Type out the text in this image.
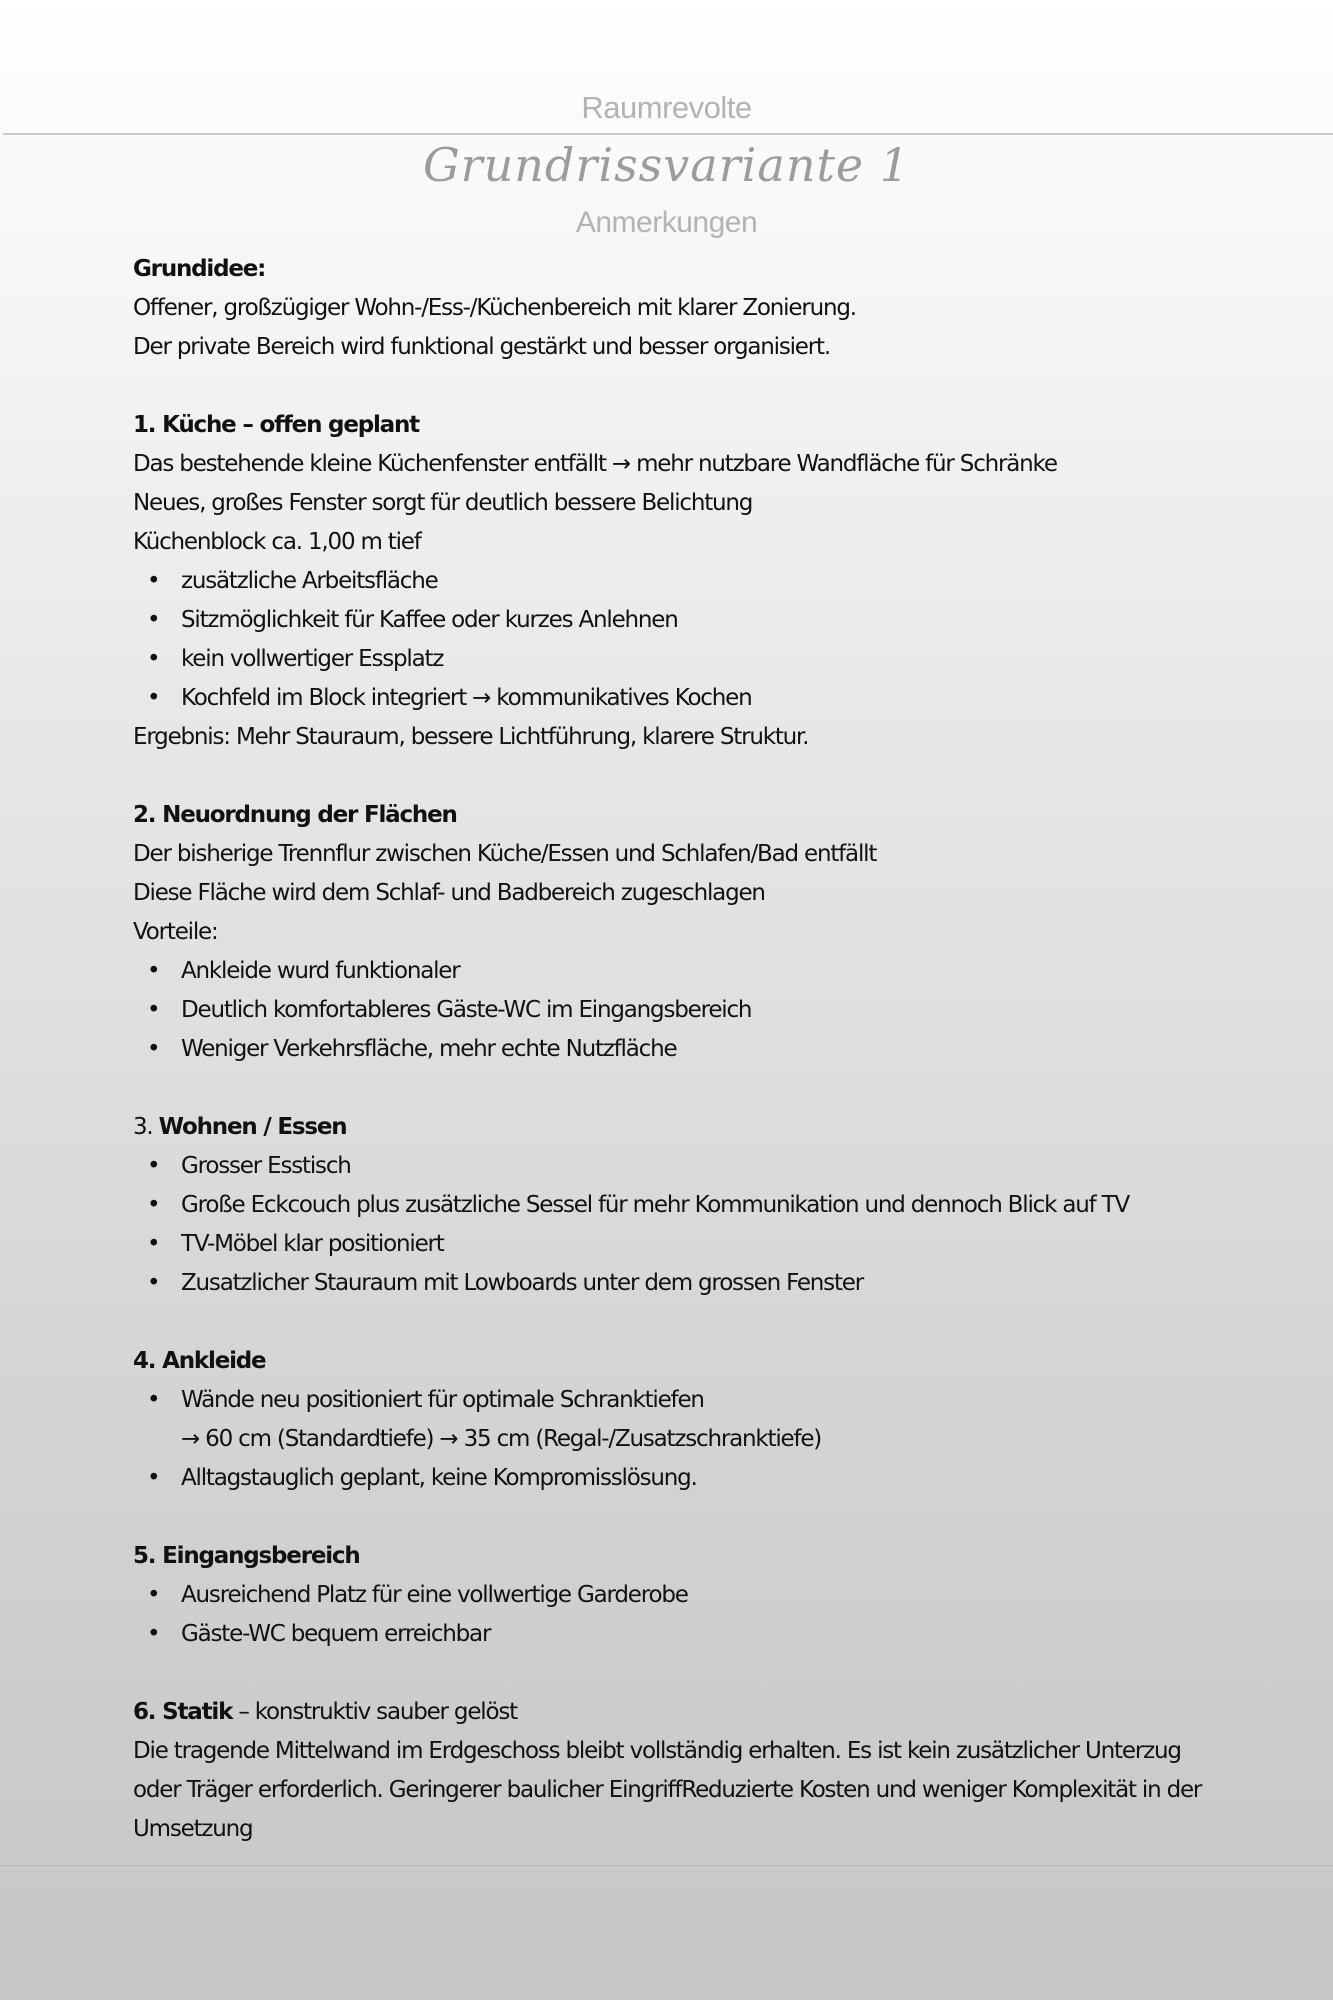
Raumrevolte
Grundrissvariante 1
Anmerkungen
Grundidee:
Offener, großzügiger Wohn-/Ess-/Küchenbereich mit klarer Zonierung.
Der private Bereich wird funktional gestärkt und besser organisiert.
1. Küche – offen geplant
Das bestehende kleine Küchenfenster entfällt → mehr nutzbare Wandfläche für Schränke
Neues, großes Fenster sorgt für deutlich bessere Belichtung
Küchenblock ca. 1,00 m tief
• zusätzliche Arbeitsfläche
• Sitzmöglichkeit für Kaffee oder kurzes Anlehnen
• kein vollwertiger Essplatz
• Kochfeld im Block integriert → kommunikatives Kochen
Ergebnis: Mehr Stauraum, bessere Lichtführung, klarere Struktur.
2. Neuordnung der Flächen
Der bisherige Trennflur zwischen Küche/Essen und Schlafen/Bad entfällt
Diese Fläche wird dem Schlaf- und Badbereich zugeschlagen
Vorteile:
• Ankleide wurd funktionaler
• Deutlich komfortableres Gäste-WC im Eingangsbereich
• Weniger Verkehrsfläche, mehr echte Nutzfläche
3. Wohnen / Essen
• Grosser Esstisch
• Große Eckcouch plus zusätzliche Sessel für mehr Kommunikation und dennoch Blick auf TV
• TV-Möbel klar positioniert
• Zusatzlicher Stauraum mit Lowboards unter dem grossen Fenster
4. Ankleide
• Wände neu positioniert für optimale Schranktiefen
→ 60 cm (Standardtiefe) → 35 cm (Regal-/Zusatzschranktiefe)
• Alltagstauglich geplant, keine Kompromisslösung.
5. Eingangsbereich
• Ausreichend Platz für eine vollwertige Garderobe
• Gäste-WC bequem erreichbar
6. Statik – konstruktiv sauber gelöst
Die tragende Mittelwand im Erdgeschoss bleibt vollständig erhalten. Es ist kein zusätzlicher Unterzug oder Träger erforderlich. Geringerer baulicher EingriffReduzierte Kosten und weniger Komplexität in der Umsetzung
